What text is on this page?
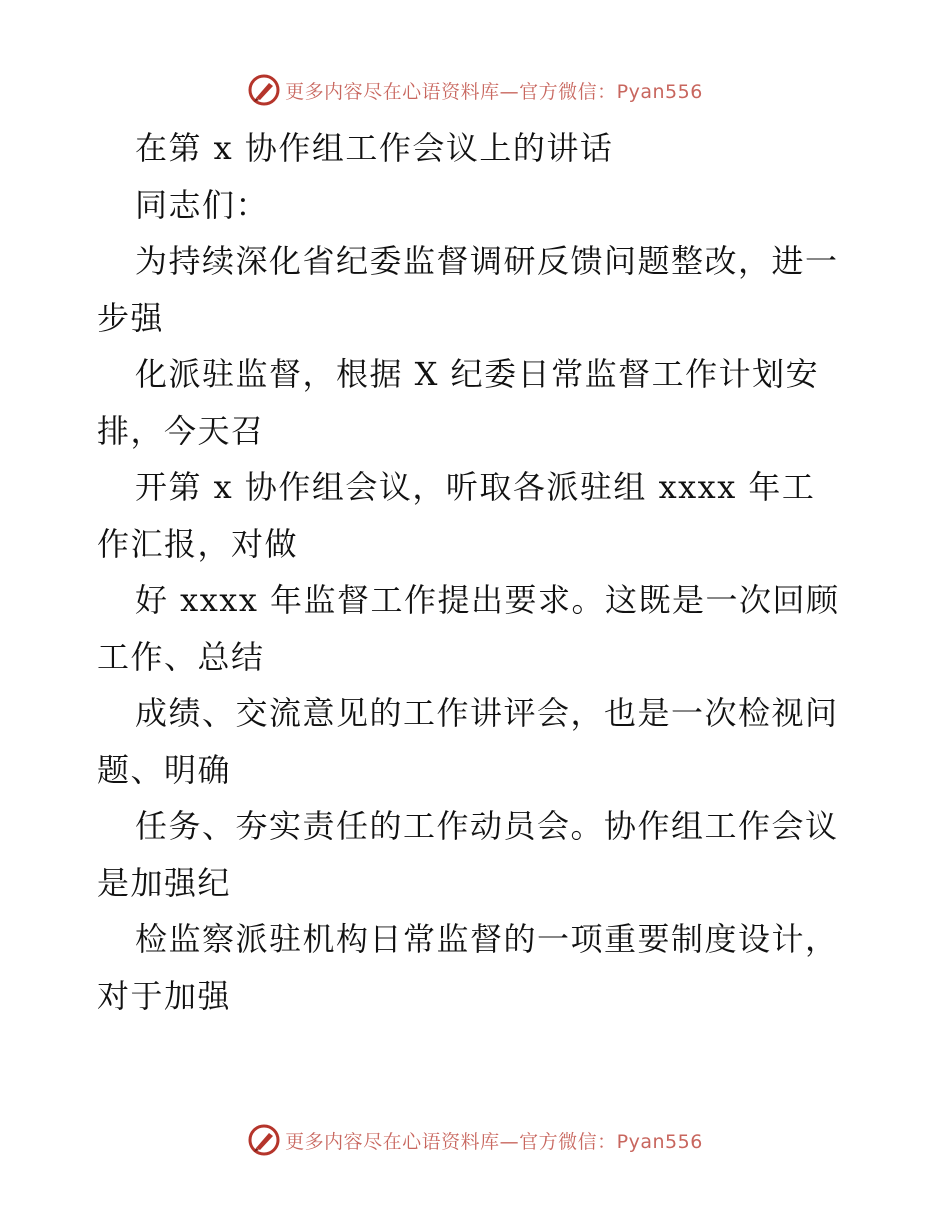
更多内容尽在心语资料库—官方微信：Pyan556
在第 x 协作组工作会议上的讲话
同志们：
为持续深化省纪委监督调研反馈问题整改，进一
步强
化派驻监督，根据 X 纪委日常监督工作计划安
排，今天召
开第 x 协作组会议，听取各派驻组 xxxx 年工
作汇报，对做
好 xxxx 年监督工作提出要求。这既是一次回顾
工作、总结
成绩、交流意见的工作讲评会，也是一次检视问
题、明确
任务、夯实责任的工作动员会。协作组工作会议
是加强纪
检监察派驻机构日常监督的一项重要制度设计，
对于加强
更多内容尽在心语资料库—官方微信：Pyan556
